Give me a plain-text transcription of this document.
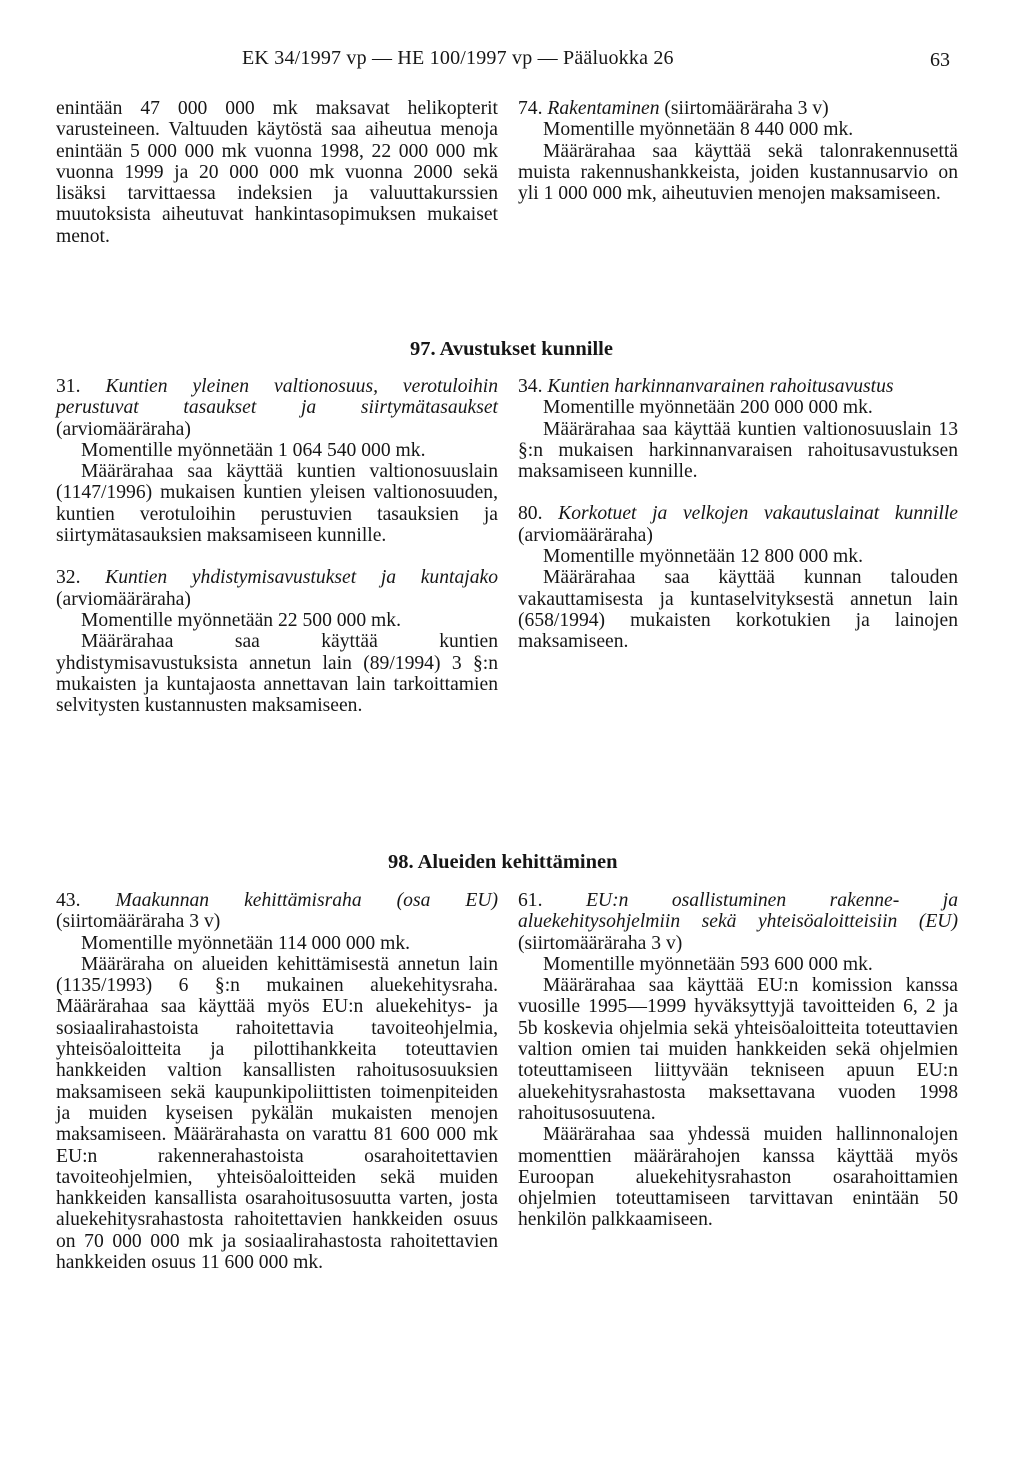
EK 34/1997 vp — HE 100/1997 vp — Pääluokka 26	63

enintään 47 000 000 mk maksavat helikopterit varusteineen. Valtuuden käytöstä saa aiheutua menoja enintään 5 000 000 mk vuonna 1998, 22 000 000 mk vuonna 1999 ja 20 000 000 mk vuonna 2000 sekä lisäksi tarvittaessa indeksien ja valuuttakurssien muutoksista aiheutuvat hankintasopimuksen mukaiset menot.

74. Rakentaminen (siirtomääräraha 3 v)

Momentille myönnetään 8 440 000 mk.

Määrärahaa saa käyttää sekä talonrakennusettä muista rakennushankkeista, joiden kustannusarvio on yli 1 000 000 mk, aiheutuvien menojen maksamiseen.

97. Avustukset kunnille

31. Kuntien yleinen valtionosuus, verotuloihin perustuvat tasaukset ja siirtymätasaukset (arviomääräraha)

Momentille myönnetään 1 064 540 000 mk.

Määrärahaa saa käyttää kuntien valtionosuuslain (1147/1996) mukaisen kuntien yleisen valtionosuuden, kuntien verotuloihin perustuvien tasauksien ja siirtymätasauksien maksamiseen kunnille.

32. Kuntien yhdistymisavustukset ja kuntajako (arviomääräraha)

Momentille myönnetään 22 500 000 mk.

Määrärahaa saa käyttää kuntien yhdistymisavustuksista annetun lain (89/1994) 3 §:n mukaisten ja kuntajaosta annettavan lain tarkoittamien selvitysten kustannusten maksamiseen.

34. Kuntien harkinnanvarainen rahoitusavustus

Momentille myönnetään 200 000 000 mk.

Määrärahaa saa käyttää kuntien valtionosuuslain 13 §:n mukaisen harkinnanvaraisen rahoitusavustuksen maksamiseen kunnille.

80. Korkotuet ja velkojen vakautuslainat kunnille (arviomääräraha)

Momentille myönnetään 12 800 000 mk.

Määrärahaa saa käyttää kunnan talouden vakauttamisesta ja kuntaselvityksestä annetun lain (658/1994) mukaisten korkotukien ja lainojen maksamiseen.

98. Alueiden kehittäminen

43. Maakunnan kehittämisraha (osa EU) (siirtomääräraha 3 v)

Momentille myönnetään 114 000 000 mk.

Määräraha on alueiden kehittämisestä annetun lain (1135/1993) 6 §:n mukainen aluekehitysraha. Määrärahaa saa käyttää myös EU:n aluekehitys- ja sosiaalirahastoista rahoitettavia tavoiteohjelmia, yhteisöaloitteita ja pilottihankkeita toteuttavien hankkeiden valtion kansallisten rahoitusosuuksien maksamiseen sekä kaupunkipoliittisten toimenpiteiden ja muiden kyseisen pykälän mukaisten menojen maksamiseen. Määrärahasta on varattu 81 600 000 mk EU:n rakennerahastoista osarahoitettavien tavoiteohjelmien, yhteisöaloitteiden sekä muiden hankkeiden kansallista osarahoitusosuutta varten, josta aluekehitysrahastosta rahoitettavien hankkeiden osuus on 70 000 000 mk ja sosiaalirahastosta rahoitettavien hankkeiden osuus 11 600 000 mk.

61. EU:n osallistuminen rakenne- ja aluekehitysohjelmiin sekä yhteisöaloitteisiin (EU) (siirtomääräraha 3 v)

Momentille myönnetään 593 600 000 mk.

Määrärahaa saa käyttää EU:n komission kanssa vuosille 1995—1999 hyväksyttyjä tavoitteiden 6, 2 ja 5b koskevia ohjelmia sekä yhteisöaloitteita toteuttavien valtion omien tai muiden hankkeiden sekä ohjelmien toteuttamiseen liittyvään tekniseen apuun EU:n aluekehitysrahastosta maksettavana vuoden 1998 rahoitusosuutena.

Määrärahaa saa yhdessä muiden hallinnonalojen momenttien määrärahojen kanssa käyttää myös Euroopan aluekehitysrahaston osarahoittamien ohjelmien toteuttamiseen tarvittavan enintään 50 henkilön palkkaamiseen.
